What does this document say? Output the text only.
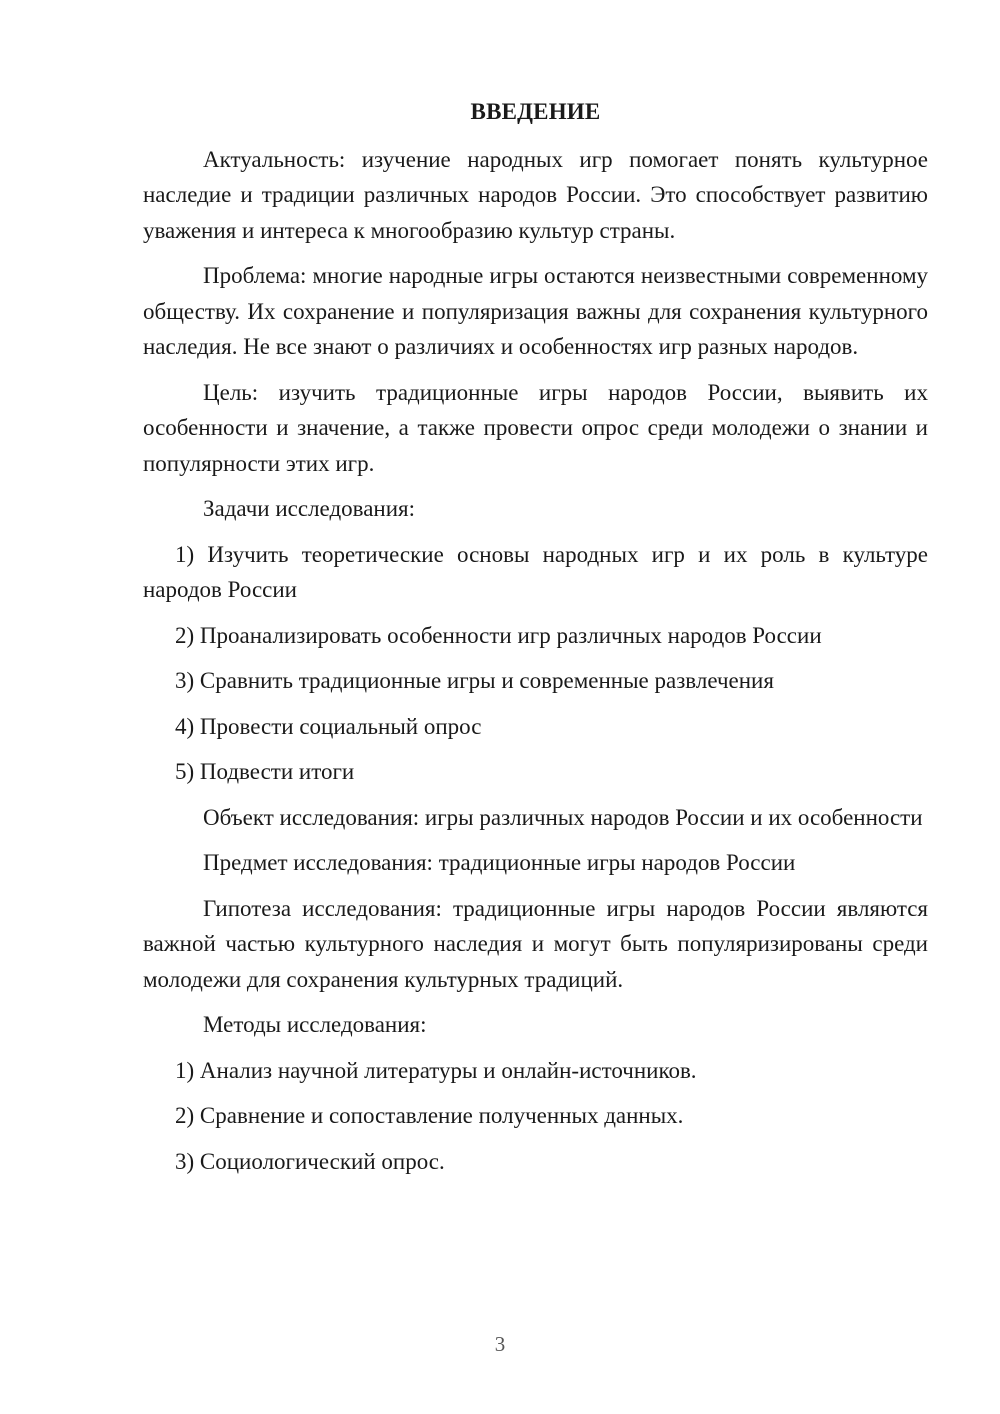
ВВЕДЕНИЕ
Актуальность: изучение народных игр помогает понять культурное наследие и традиции различных народов России. Это способствует развитию уважения и интереса к многообразию культур страны.
Проблема: многие народные игры остаются неизвестными современному обществу. Их сохранение и популяризация важны для сохранения культурного наследия. Не все знают о различиях и особенностях игр разных народов.
Цель: изучить традиционные игры народов России, выявить их особенности и значение, а также провести опрос среди молодежи о знании и популярности этих игр.
Задачи исследования:
1) Изучить теоретические основы народных игр и их роль в культуре народов России
2) Проанализировать особенности игр различных народов России
3) Сравнить традиционные игры и современные развлечения
4) Провести социальный опрос
5) Подвести итоги
Объект исследования: игры различных народов России и их особенности
Предмет исследования: традиционные игры народов России
Гипотеза исследования: традиционные игры народов России являются важной частью культурного наследия и могут быть популяризированы среди молодежи для сохранения культурных традиций.
Методы исследования:
1) Анализ научной литературы и онлайн-источников.
2) Сравнение и сопоставление полученных данных.
3) Социологический опрос.
3
